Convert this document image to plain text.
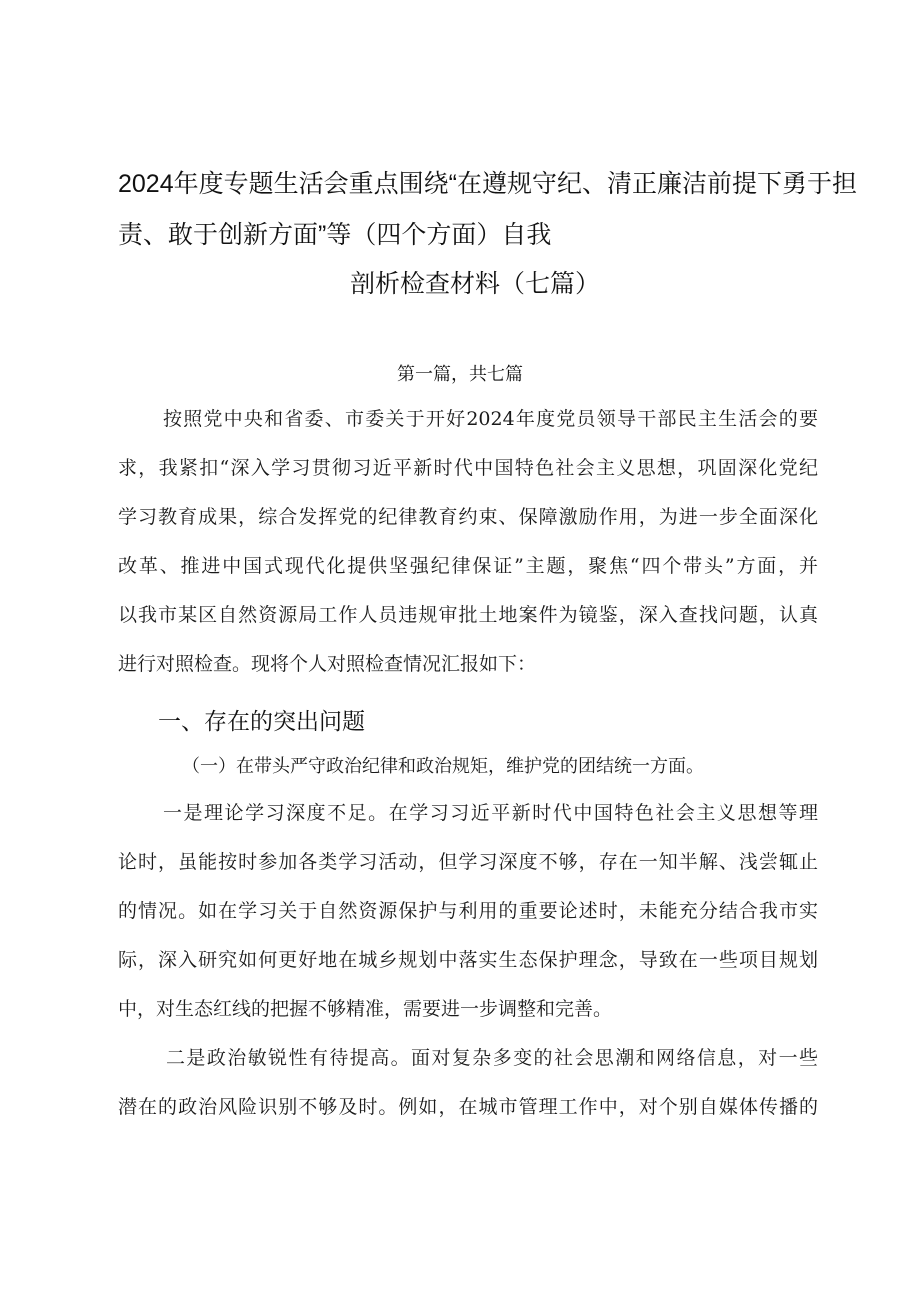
2024年度专题生活会重点围绕“在遵规守纪、清正廉洁前提下勇于担
责、敢于创新方面”等（四个方面）自我
剖析检查材料（七篇）
第一篇，共七篇
按照党中央和省委、市委关于开好2024年度党员领导干部民主生活会的要
求，我紧扣“深入学习贯彻习近平新时代中国特色社会主义思想，巩固深化党纪
学习教育成果，综合发挥党的纪律教育约束、保障激励作用，为进一步全面深化
改革、推进中国式现代化提供坚强纪律保证”主题，聚焦“四个带头”方面，并
以我市某区自然资源局工作人员违规审批土地案件为镜鉴，深入查找问题，认真
进行对照检查。现将个人对照检查情况汇报如下：
一、存在的突出问题
（一）在带头严守政治纪律和政治规矩，维护党的团结统一方面。
一是理论学习深度不足。在学习习近平新时代中国特色社会主义思想等理
论时，虽能按时参加各类学习活动，但学习深度不够，存在一知半解、浅尝辄止
的情况。如在学习关于自然资源保护与利用的重要论述时，未能充分结合我市实
际，深入研究如何更好地在城乡规划中落实生态保护理念，导致在一些项目规划
中，对生态红线的把握不够精准，需要进一步调整和完善。
二是政治敏锐性有待提高。面对复杂多变的社会思潮和网络信息，对一些
潜在的政治风险识别不够及时。例如，在城市管理工作中，对个别自媒体传播的
